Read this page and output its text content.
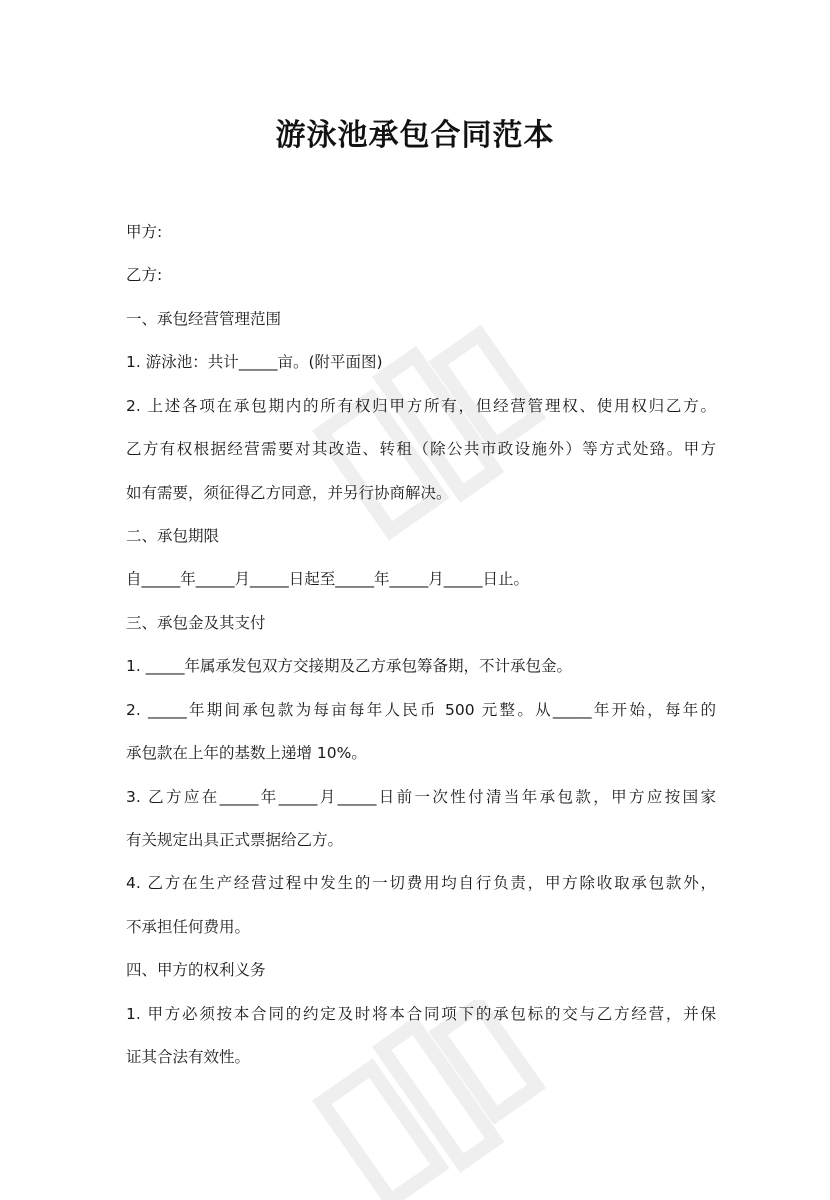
游泳池承包合同范本
甲方:
乙方:
一、承包经营管理范围
1. 游泳池：共计_____亩。(附平面图)
2. 上述各项在承包期内的所有权归甲方所有，但经营管理权、使用权归乙方。
乙方有权根据经营需要对其改造、转租（除公共市政设施外）等方式处臵。甲方
如有需要，须征得乙方同意，并另行协商解决。
二、承包期限
自_____年_____月_____日起至_____年_____月_____日止。
三、承包金及其支付
1. _____年属承发包双方交接期及乙方承包筹备期，不计承包金。
2. _____年期间承包款为每亩每年人民币 500 元整。从_____年开始，每年的
承包款在上年的基数上递增 10%。
3. 乙方应在_____年_____月_____日前一次性付清当年承包款，甲方应按国家
有关规定出具正式票据给乙方。
4. 乙方在生产经营过程中发生的一切费用均自行负责，甲方除收取承包款外，
不承担任何费用。
四、甲方的权利义务
1. 甲方必须按本合同的约定及时将本合同项下的承包标的交与乙方经营，并保
证其合法有效性。
